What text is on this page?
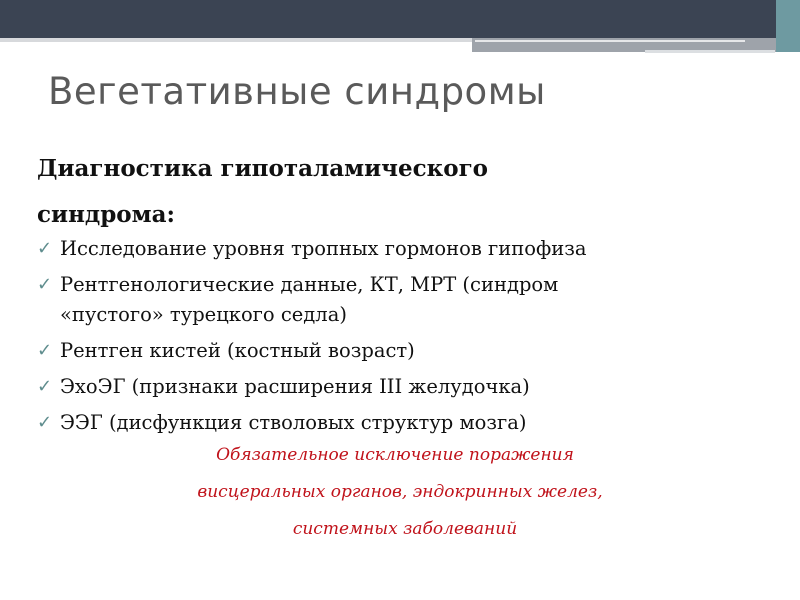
Вегетативные синдромы
Диагностика гипоталамического
синдрома:
✓ Исследование уровня тропных гормонов гипофиза
✓ Рентгенологические данные, КТ, МРТ (синдром
«пустого» турецкого седла)
✓ Рентген кистей (костный возраст)
✓ ЭхоЭГ (признаки расширения III желудочка)
✓ ЭЭГ (дисфункция стволовых структур мозга)
Обязательное исключение поражения
висцеральных органов, эндокринных желез,
системных заболеваний
